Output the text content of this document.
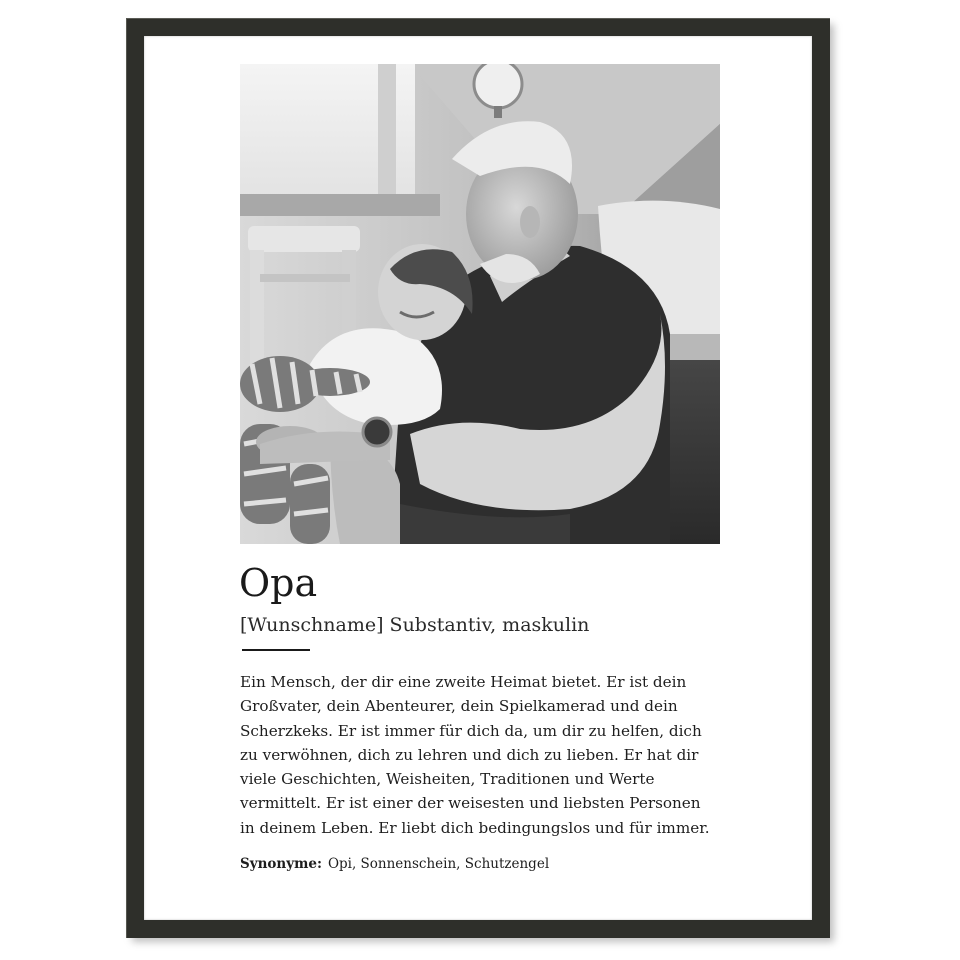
Opa
[Wunschname] Substantiv, maskulin
Ein Mensch, der dir eine zweite Heimat bietet. Er ist dein
Großvater, dein Abenteurer, dein Spielkamerad und dein
Scherzkeks. Er ist immer für dich da, um dir zu helfen, dich
zu verwöhnen, dich zu lehren und dich zu lieben. Er hat dir
viele Geschichten, Weisheiten, Traditionen und Werte
vermittelt. Er ist einer der weisesten und liebsten Personen
in deinem Leben. Er liebt dich bedingungslos und für immer.
Synonyme: Opi, Sonnenschein, Schutzengel
